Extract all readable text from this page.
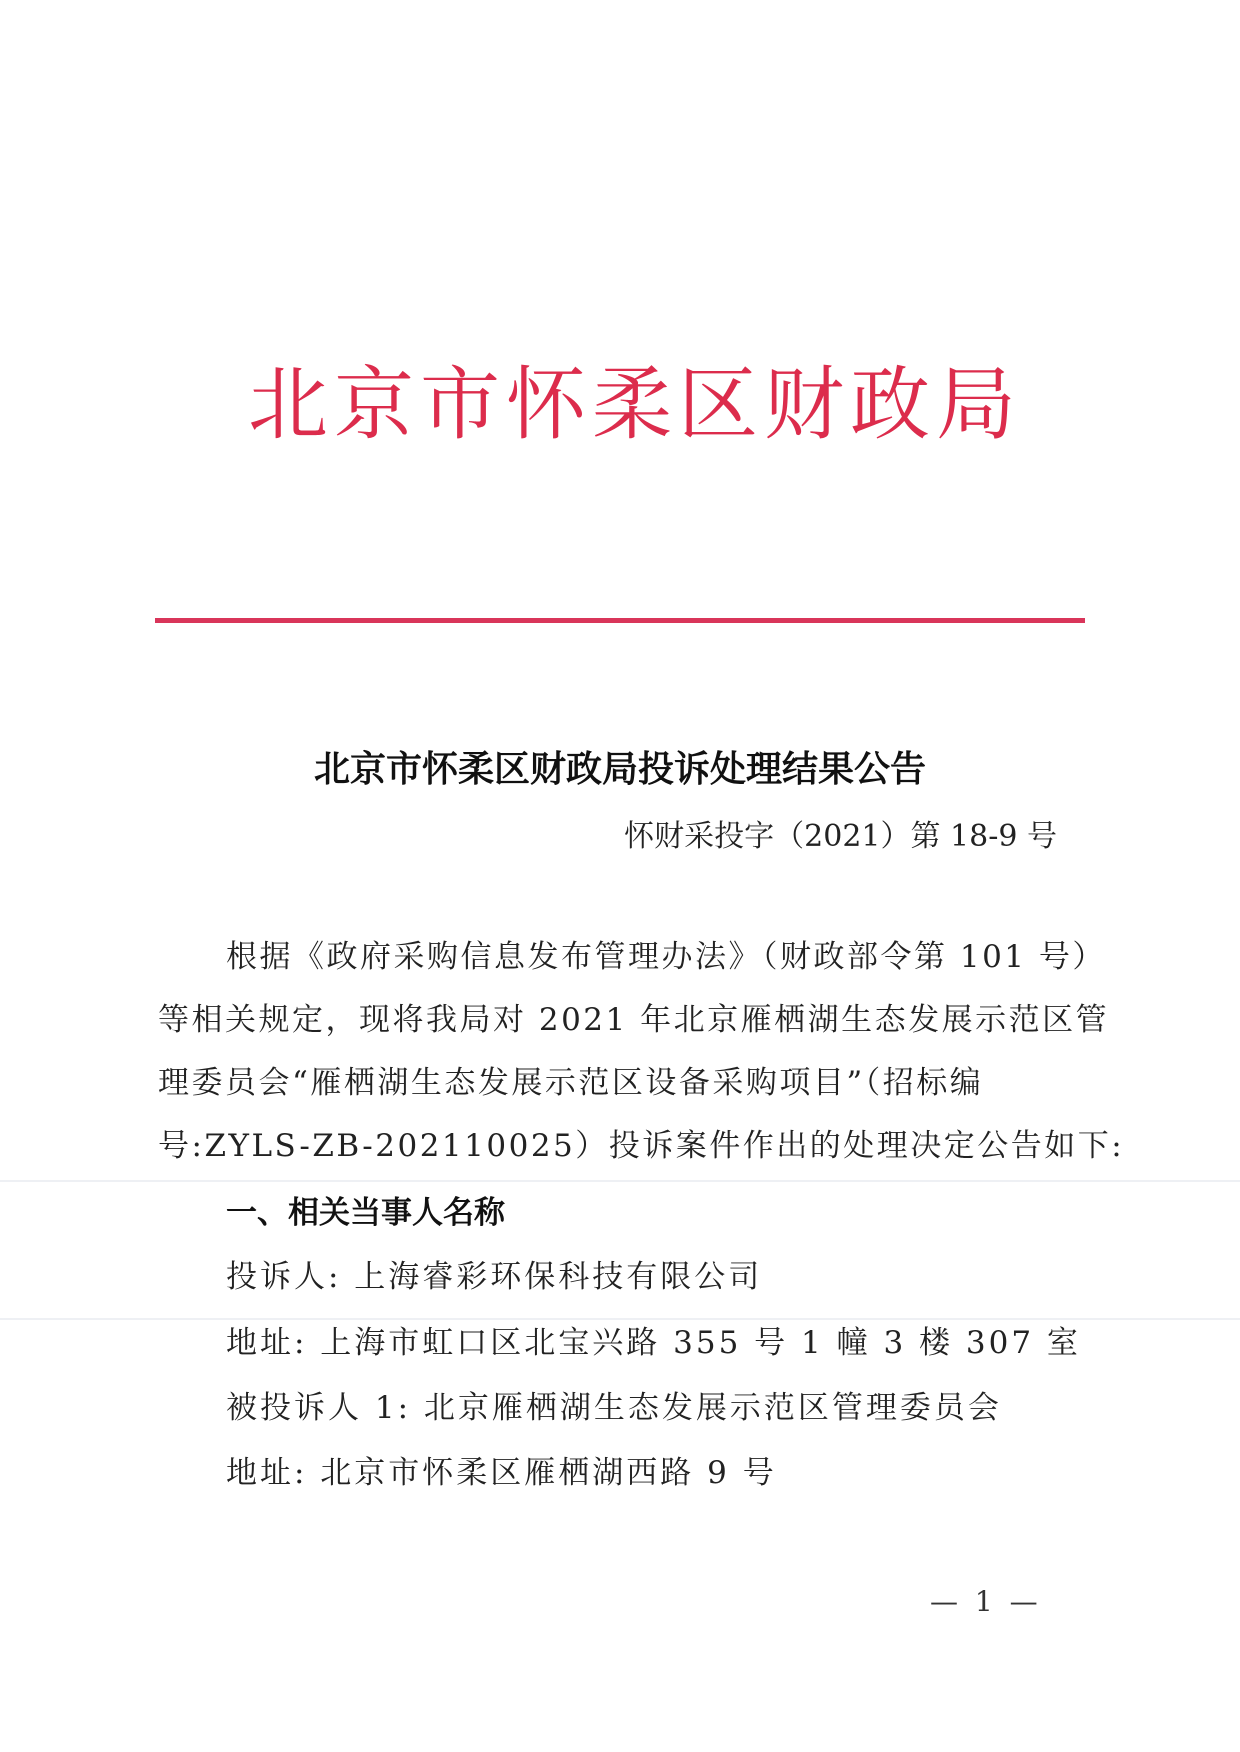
北京市怀柔区财政局
北京市怀柔区财政局投诉处理结果公告
怀财采投字（2021）第 18-9 号
根据《政府采购信息发布管理办法》（财政部令第 101 号）
等相关规定，现将我局对 2021 年北京雁栖湖生态发展示范区管
理委员会“雁栖湖生态发展示范区设备采购项目”（招标编
号:ZYLS-ZB-202110025）投诉案件作出的处理决定公告如下:
一、相关当事人名称
投诉人: 上海睿彩环保科技有限公司
地址: 上海市虹口区北宝兴路 355 号 1 幢 3 楼 307 室
被投诉人 1: 北京雁栖湖生态发展示范区管理委员会
地址: 北京市怀柔区雁栖湖西路 9 号
— 1 —
